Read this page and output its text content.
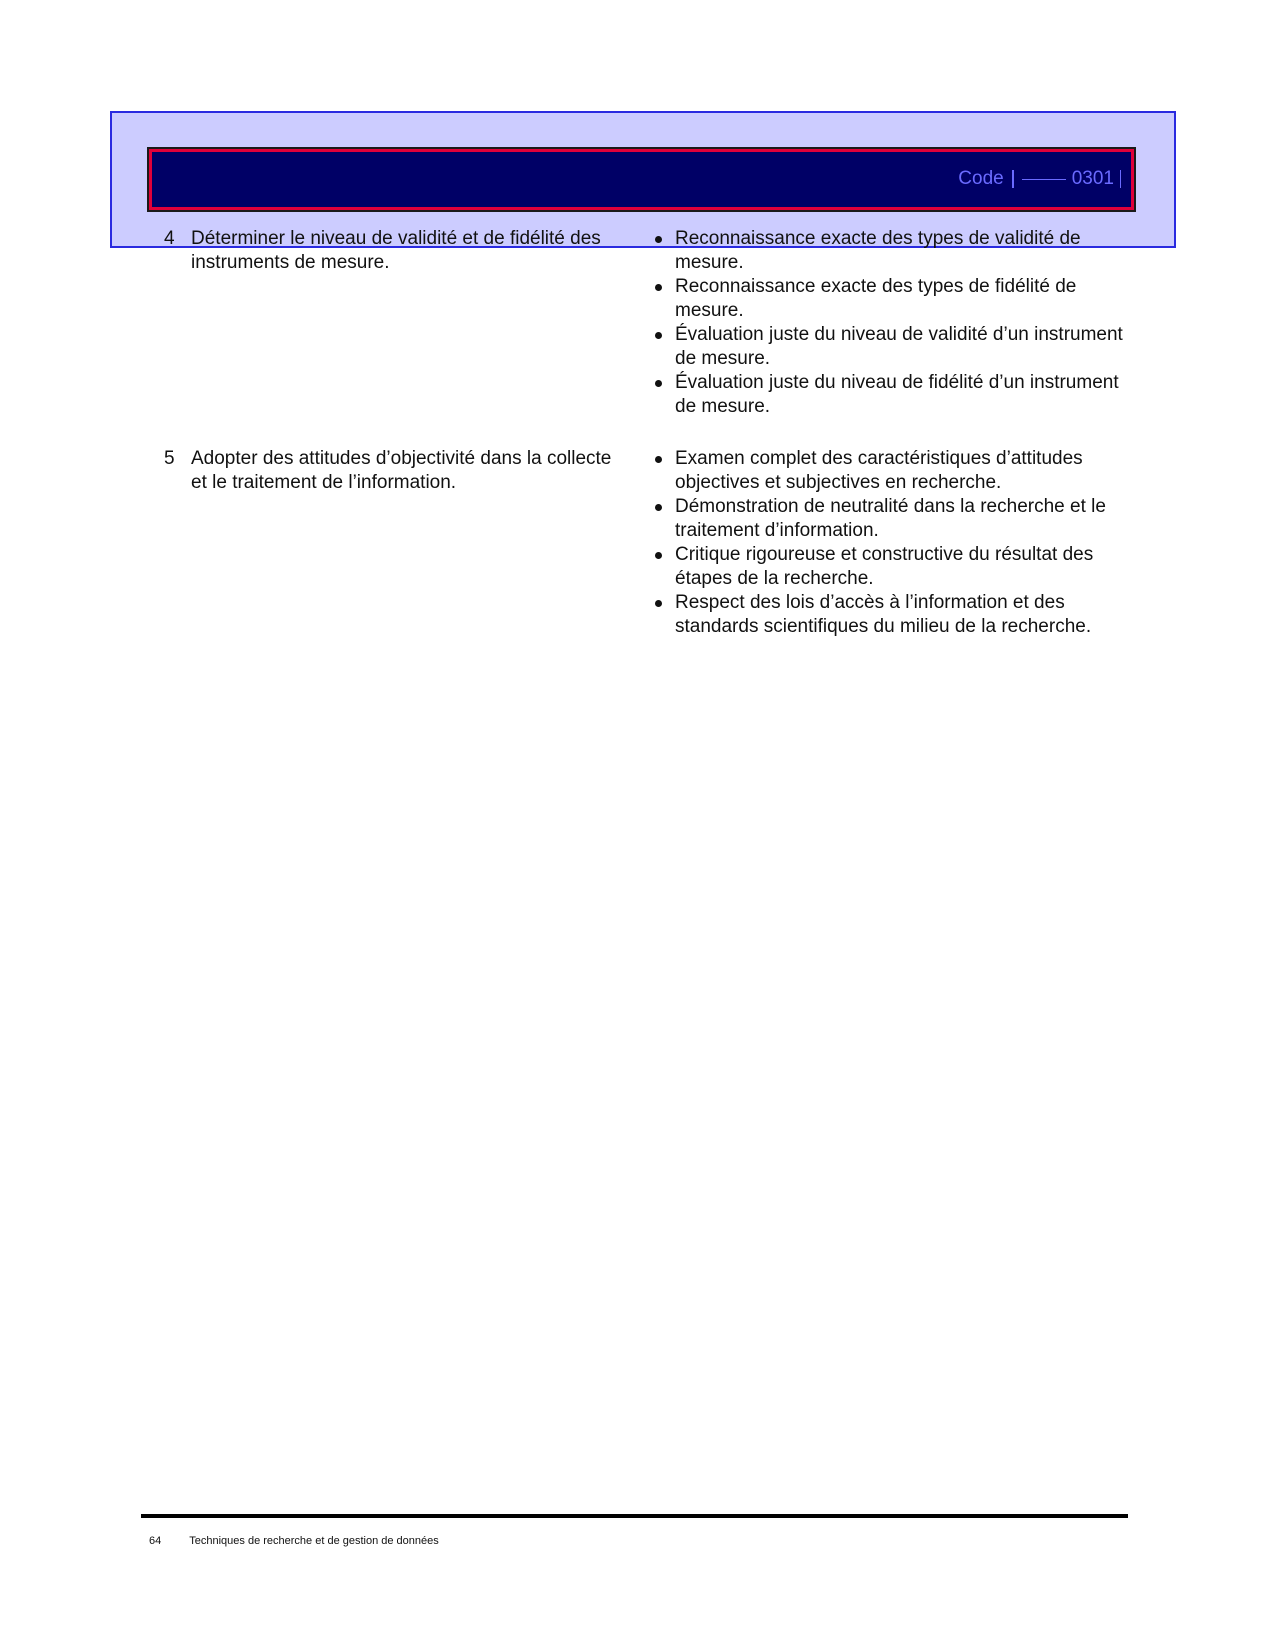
Code	0301
4 Déterminer le niveau de validité et de fidélité des instruments de mesure.
Reconnaissance exacte des types de validité de mesure.
Reconnaissance exacte des types de fidélité de mesure.
Évaluation juste du niveau de validité d’un instrument de mesure.
Évaluation juste du niveau de fidélité d’un instrument de mesure.
5 Adopter des attitudes d’objectivité dans la collecte et le traitement de l’information.
Examen complet des caractéristiques d’attitudes objectives et subjectives en recherche.
Démonstration de neutralité dans la recherche et le traitement d’information.
Critique rigoureuse et constructive du résultat des étapes de la recherche.
Respect des lois d’accès à l’information et des standards scientifiques du milieu de la recherche.
64	Techniques de recherche et de gestion de données
